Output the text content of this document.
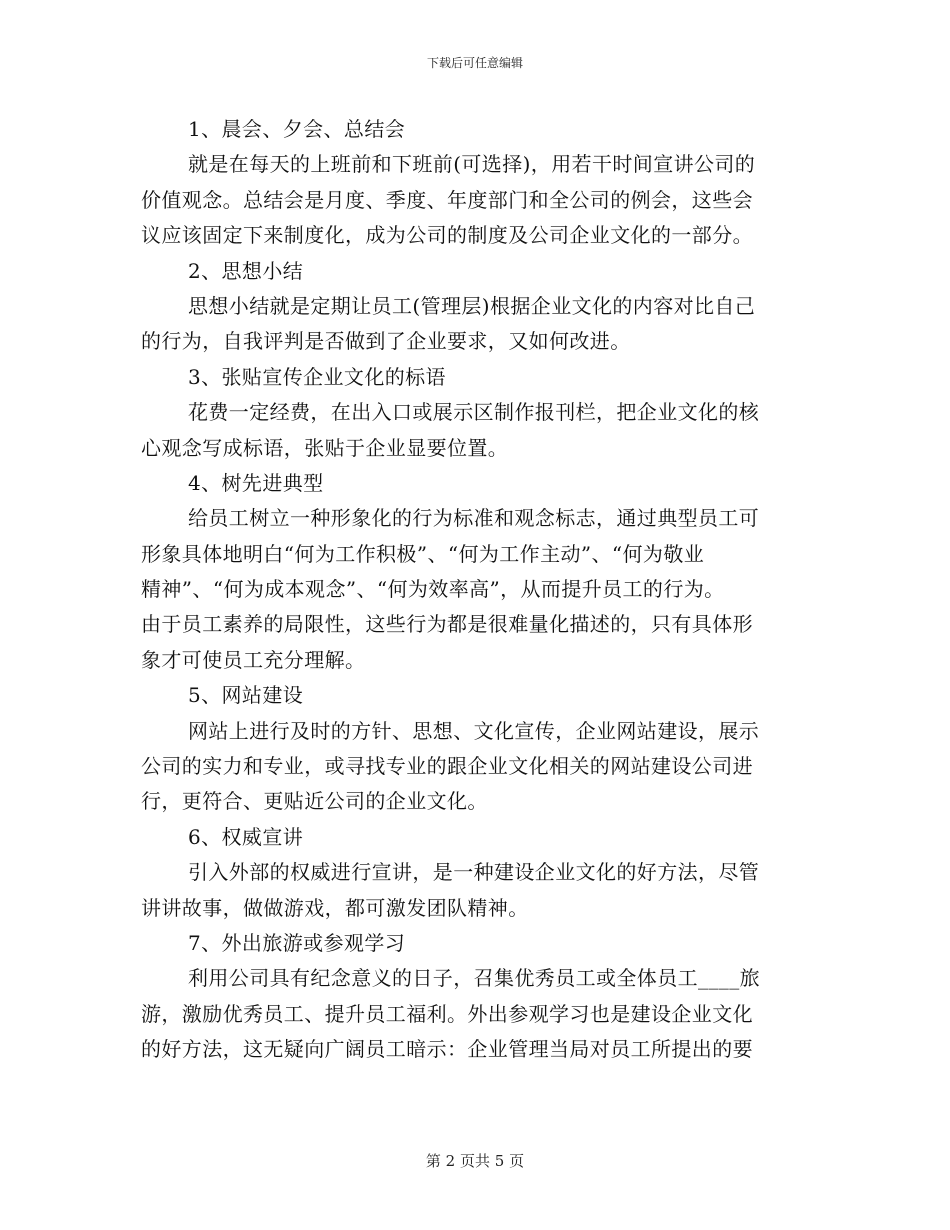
下载后可任意编辑
1、晨会、夕会、总结会
就是在每天的上班前和下班前(可选择)，用若干时间宣讲公司的
价值观念。总结会是月度、季度、年度部门和全公司的例会，这些会
议应该固定下来制度化，成为公司的制度及公司企业文化的一部分。
2、思想小结
思想小结就是定期让员工(管理层)根据企业文化的内容对比自己
的行为，自我评判是否做到了企业要求，又如何改进。
3、张贴宣传企业文化的标语
花费一定经费，在出入口或展示区制作报刊栏，把企业文化的核
心观念写成标语，张贴于企业显要位置。
4、树先进典型
给员工树立一种形象化的行为标准和观念标志，通过典型员工可
形象具体地明白“何为工作积极”、“何为工作主动”、“何为敬业
精神”、“何为成本观念”、“何为效率高”，从而提升员工的行为。
由于员工素养的局限性，这些行为都是很难量化描述的，只有具体形
象才可使员工充分理解。
5、网站建设
网站上进行及时的方针、思想、文化宣传，企业网站建设，展示
公司的实力和专业，或寻找专业的跟企业文化相关的网站建设公司进
行，更符合、更贴近公司的企业文化。
6、权威宣讲
引入外部的权威进行宣讲，是一种建设企业文化的好方法，尽管
讲讲故事，做做游戏，都可激发团队精神。
7、外出旅游或参观学习
利用公司具有纪念意义的日子，召集优秀员工或全体员工____旅
游，激励优秀员工、提升员工福利。外出参观学习也是建设企业文化
的好方法，这无疑向广阔员工暗示：企业管理当局对员工所提出的要
第 2 页共 5 页
